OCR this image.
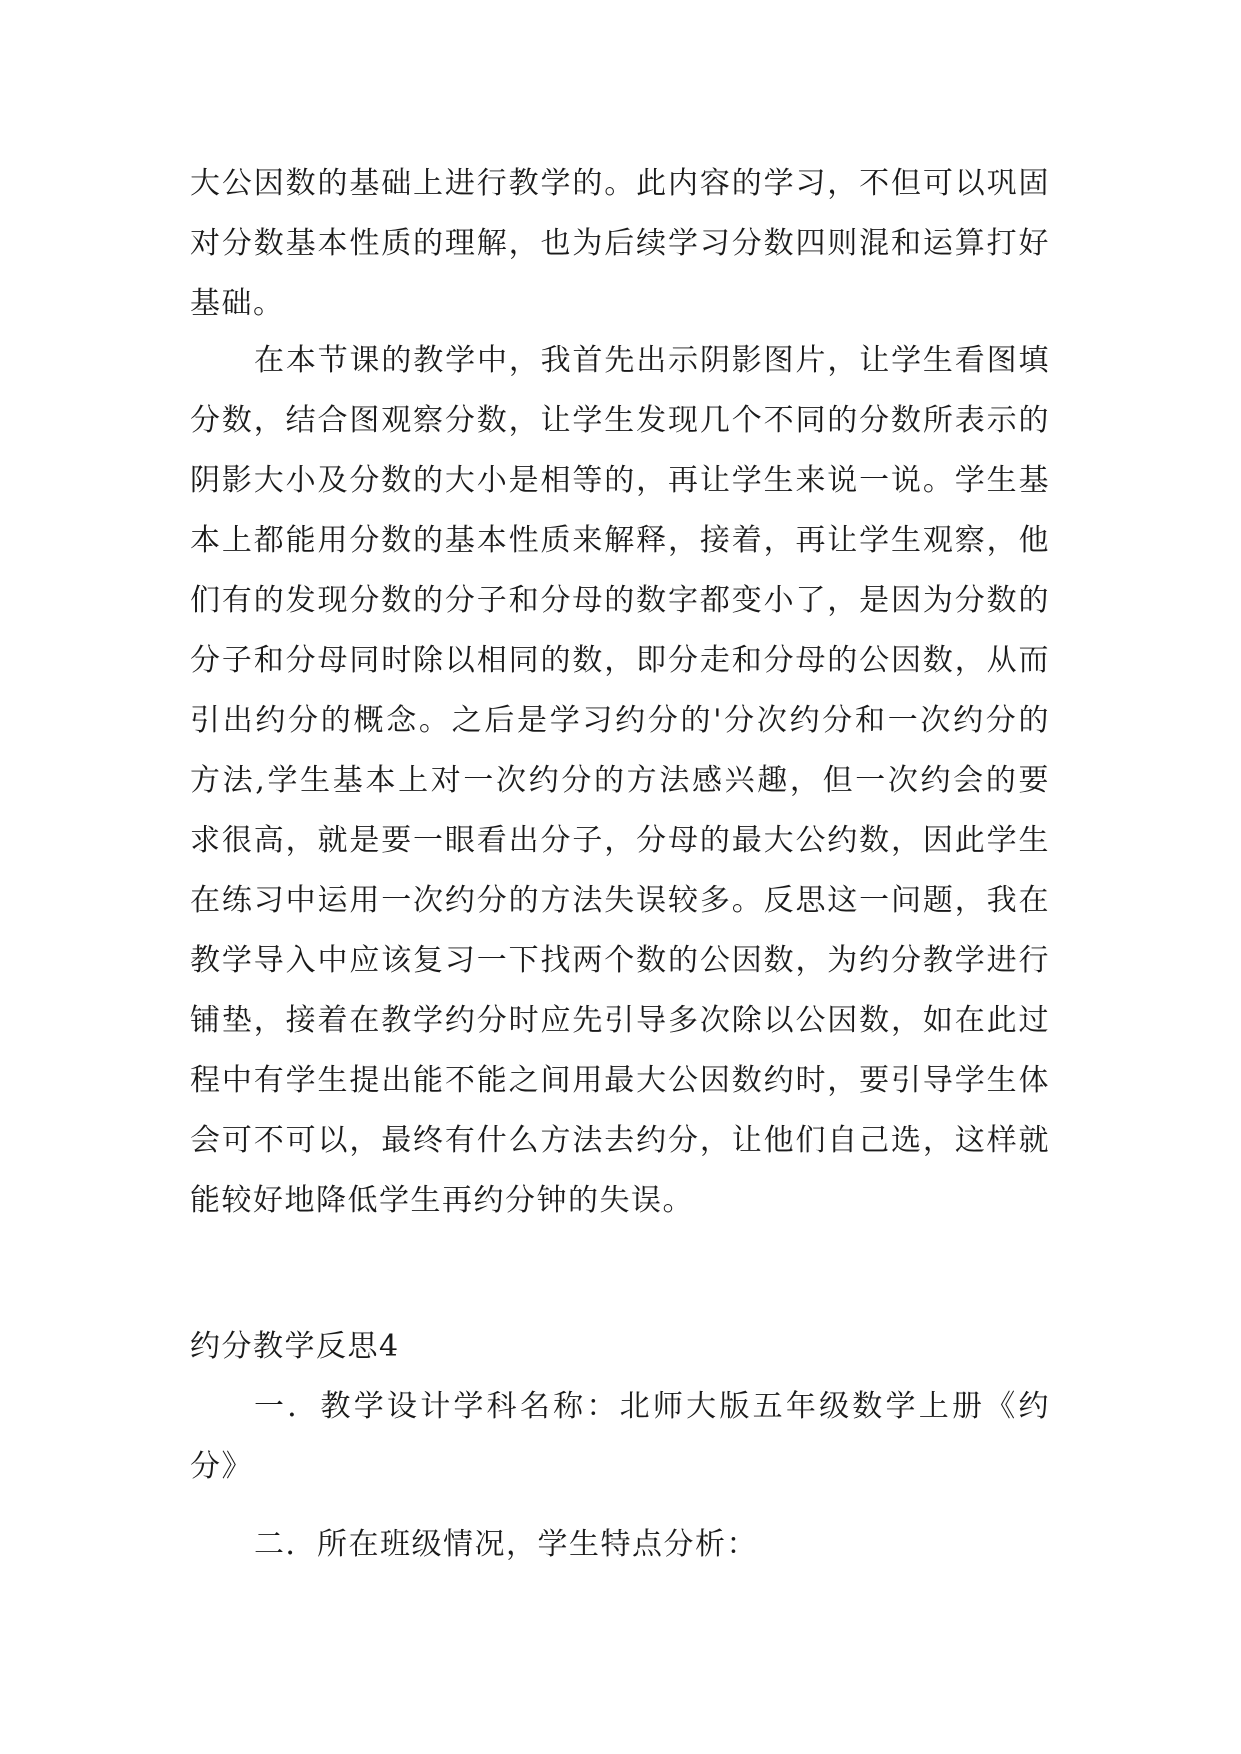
大公因数的基础上进行教学的。此内容的学习，不但可以巩固对分数基本性质的理解，也为后续学习分数四则混和运算打好基础。

在本节课的教学中，我首先出示阴影图片，让学生看图填分数，结合图观察分数，让学生发现几个不同的分数所表示的阴影大小及分数的大小是相等的，再让学生来说一说。学生基本上都能用分数的基本性质来解释，接着，再让学生观察，他们有的发现分数的分子和分母的数字都变小了，是因为分数的分子和分母同时除以相同的数，即分走和分母的公因数，从而引出约分的概念。之后是学习约分的'分次约分和一次约分的方法,学生基本上对一次约分的方法感兴趣，但一次约会的要求很高，就是要一眼看出分子，分母的最大公约数，因此学生在练习中运用一次约分的方法失误较多。反思这一问题，我在教学导入中应该复习一下找两个数的公因数，为约分教学进行铺垫，接着在教学约分时应先引导多次除以公因数，如在此过程中有学生提出能不能之间用最大公因数约时，要引导学生体会可不可以，最终有什么方法去约分，让他们自己选，这样就能较好地降低学生再约分钟的失误。

约分教学反思4

一．教学设计学科名称：北师大版五年级数学上册《约分》

二．所在班级情况，学生特点分析：
